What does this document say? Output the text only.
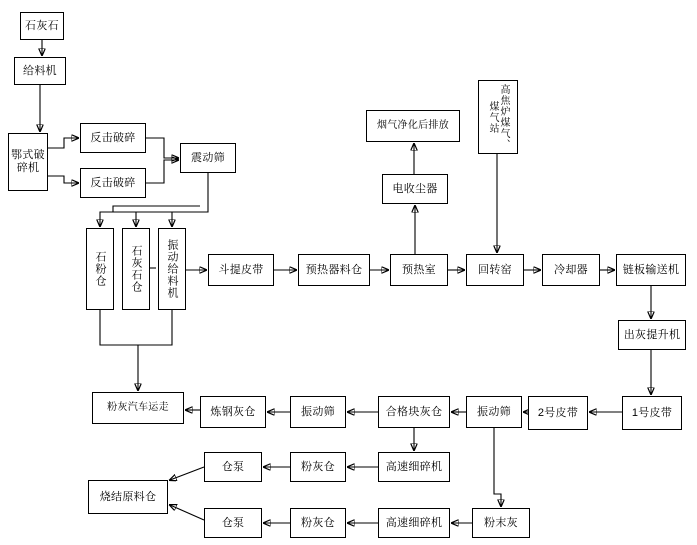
石灰石
给料机
鄂式破碎机
反击破碎
反击破碎
震动筛
石粉仓	石灰石仓	振动给料机	斗提皮带	预热器料仓	预热室	回转窑	冷却器	链板输送机
电收尘器
烟气净化后排放	高焦炉煤气、煤气站
出灰提升机
1号皮带
2号皮带
振动筛
合格块灰仓
振动筛
炼钢灰仓
粉灰汽车运走
高速细碎机
粉灰仓
仓泵
粉末灰
高速细碎机
粉灰仓
仓泵
烧结原料仓
